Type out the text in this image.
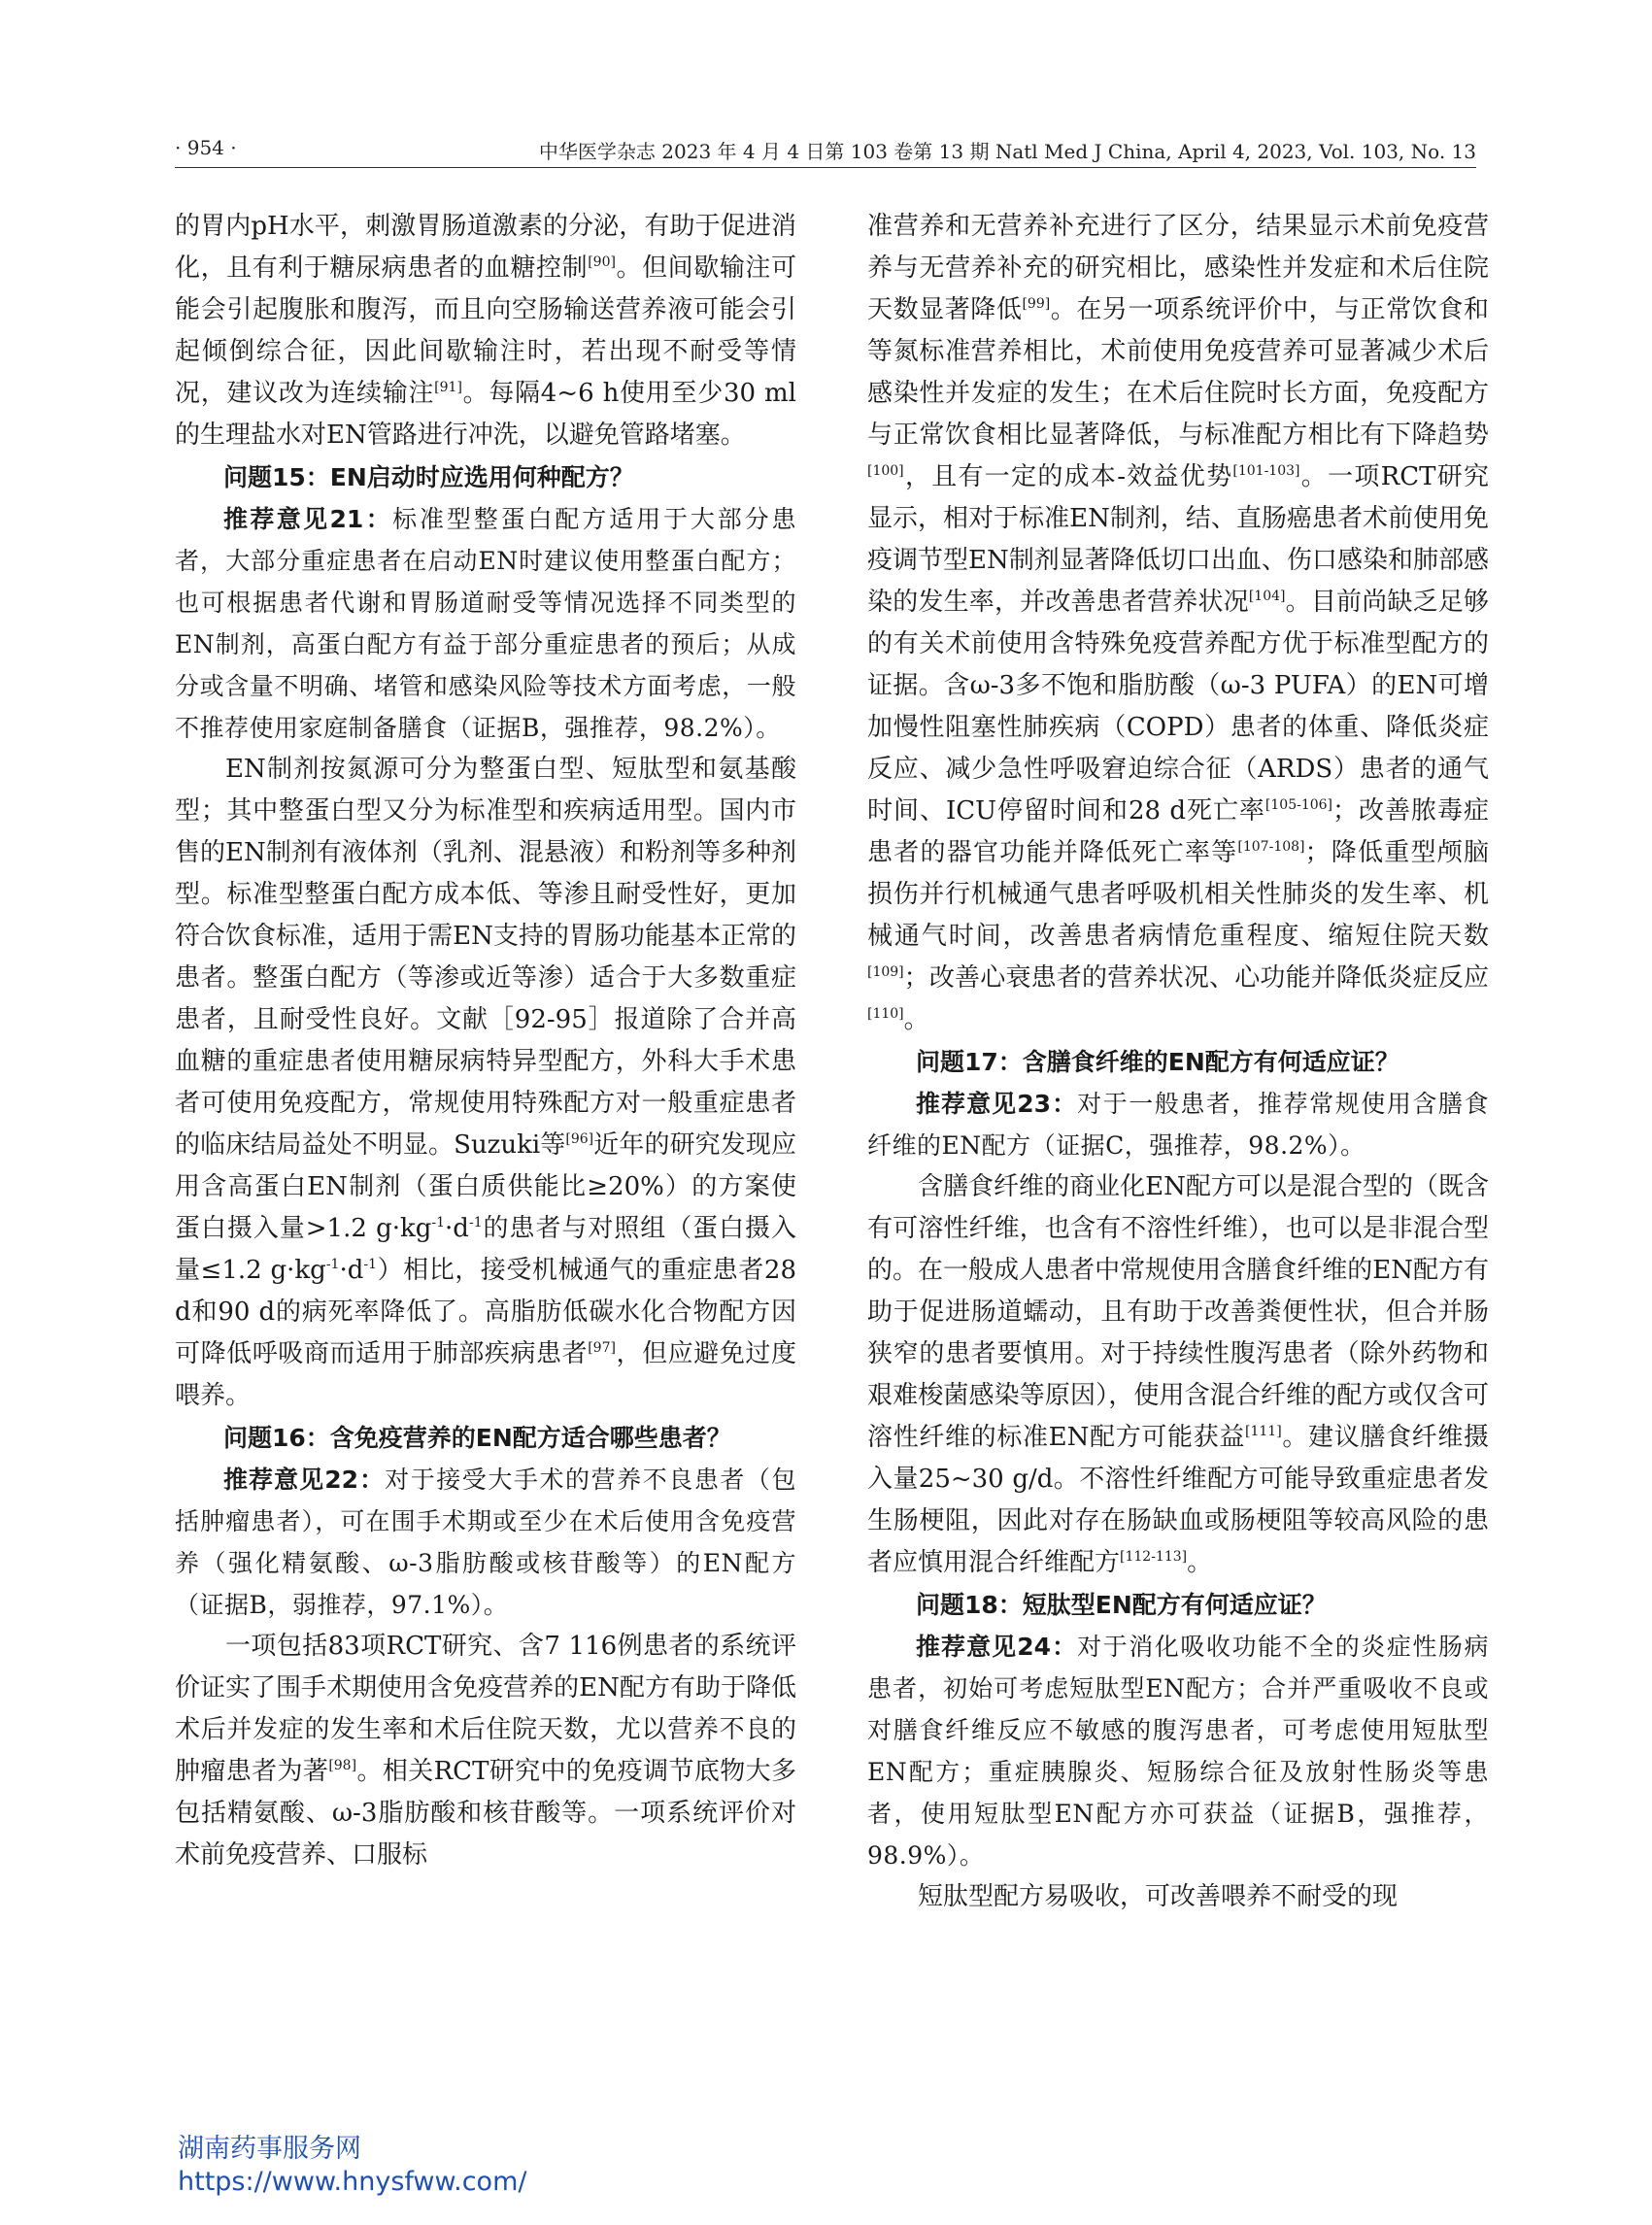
· 954 ·	中华医学杂志 2023 年 4 月 4 日第 103 卷第 13 期 Natl Med J China, April 4, 2023, Vol. 103, No. 13

的胃内pH水平，刺激胃肠道激素的分泌，有助于促进消化，且有利于糖尿病患者的血糖控制[90]。但间歇输注可能会引起腹胀和腹泻，而且向空肠输送营养液可能会引起倾倒综合征，因此间歇输注时，若出现不耐受等情况，建议改为连续输注[91]。每隔4~6 h使用至少30 ml的生理盐水对EN管路进行冲洗，以避免管路堵塞。

问题15：EN启动时应选用何种配方？

推荐意见21：标准型整蛋白配方适用于大部分患者，大部分重症患者在启动EN时建议使用整蛋白配方；也可根据患者代谢和胃肠道耐受等情况选择不同类型的EN制剂，高蛋白配方有益于部分重症患者的预后；从成分或含量不明确、堵管和感染风险等技术方面考虑，一般不推荐使用家庭制备膳食（证据B，强推荐，98.2%）。

EN制剂按氮源可分为整蛋白型、短肽型和氨基酸型；其中整蛋白型又分为标准型和疾病适用型。国内市售的EN制剂有液体剂（乳剂、混悬液）和粉剂等多种剂型。标准型整蛋白配方成本低、等渗且耐受性好，更加符合饮食标准，适用于需EN支持的胃肠功能基本正常的患者。整蛋白配方（等渗或近等渗）适合于大多数重症患者，且耐受性良好。文献［92-95］报道除了合并高血糖的重症患者使用糖尿病特异型配方，外科大手术患者可使用免疫配方，常规使用特殊配方对一般重症患者的临床结局益处不明显。Suzuki等[96]近年的研究发现应用含高蛋白EN制剂（蛋白质供能比≥20%）的方案使蛋白摄入量>1.2 $g\cdot kg^{-1}\cdot d^{-1}$的患者与对照组（蛋白摄入量≤1.2 $g\cdot kg^{-1}\cdot d^{-1}$）相比，接受机械通气的重症患者28 d和90 d的病死率降低了。高脂肪低碳水化合物配方因可降低呼吸商而适用于肺部疾病患者[97]，但应避免过度喂养。

问题16：含免疫营养的EN配方适合哪些患者？

推荐意见22：对于接受大手术的营养不良患者（包括肿瘤患者），可在围手术期或至少在术后使用含免疫营养（强化精氨酸、ω-3脂肪酸或核苷酸等）的EN配方（证据B，弱推荐，97.1%）。

一项包括83项RCT研究、含7 116例患者的系统评价证实了围手术期使用含免疫营养的EN配方有助于降低术后并发症的发生率和术后住院天数，尤以营养不良的肿瘤患者为著[98]。相关RCT研究中的免疫调节底物大多包括精氨酸、ω-3脂肪酸和核苷酸等。一项系统评价对术前免疫营养、口服标

准营养和无营养补充进行了区分，结果显示术前免疫营养与无营养补充的研究相比，感染性并发症和术后住院天数显著降低[99]。在另一项系统评价中，与正常饮食和等氮标准营养相比，术前使用免疫营养可显著减少术后感染性并发症的发生；在术后住院时长方面，免疫配方与正常饮食相比显著降低，与标准配方相比有下降趋势[100]，且有一定的成本-效益优势[101-103]。一项RCT研究显示，相对于标准EN制剂，结、直肠癌患者术前使用免疫调节型EN制剂显著降低切口出血、伤口感染和肺部感染的发生率，并改善患者营养状况[104]。目前尚缺乏足够的有关术前使用含特殊免疫营养配方优于标准型配方的证据。含ω-3多不饱和脂肪酸（ω-3 PUFA）的EN可增加慢性阻塞性肺疾病（COPD）患者的体重、降低炎症反应、减少急性呼吸窘迫综合征（ARDS）患者的通气时间、ICU停留时间和28 d死亡率[105-106]；改善脓毒症患者的器官功能并降低死亡率等[107-108]；降低重型颅脑损伤并行机械通气患者呼吸机相关性肺炎的发生率、机械通气时间，改善患者病情危重程度、缩短住院天数[109]；改善心衰患者的营养状况、心功能并降低炎症反应[110]。

问题17：含膳食纤维的EN配方有何适应证？

推荐意见23：对于一般患者，推荐常规使用含膳食纤维的EN配方（证据C，强推荐，98.2%）。

含膳食纤维的商业化EN配方可以是混合型的（既含有可溶性纤维，也含有不溶性纤维），也可以是非混合型的。在一般成人患者中常规使用含膳食纤维的EN配方有助于促进肠道蠕动，且有助于改善粪便性状，但合并肠狭窄的患者要慎用。对于持续性腹泻患者（除外药物和艰难梭菌感染等原因），使用含混合纤维的配方或仅含可溶性纤维的标准EN配方可能获益[111]。建议膳食纤维摄入量25~30 g/d。不溶性纤维配方可能导致重症患者发生肠梗阻，因此对存在肠缺血或肠梗阻等较高风险的患者应慎用混合纤维配方[112-113]。

问题18：短肽型EN配方有何适应证？

推荐意见24：对于消化吸收功能不全的炎症性肠病患者，初始可考虑短肽型EN配方；合并严重吸收不良或对膳食纤维反应不敏感的腹泻患者，可考虑使用短肽型EN配方；重症胰腺炎、短肠综合征及放射性肠炎等患者，使用短肽型EN配方亦可获益（证据B，强推荐，98.9%）。

短肽型配方易吸收，可改善喂养不耐受的现

湖南药事服务网
https://www.hnysfww.com/
